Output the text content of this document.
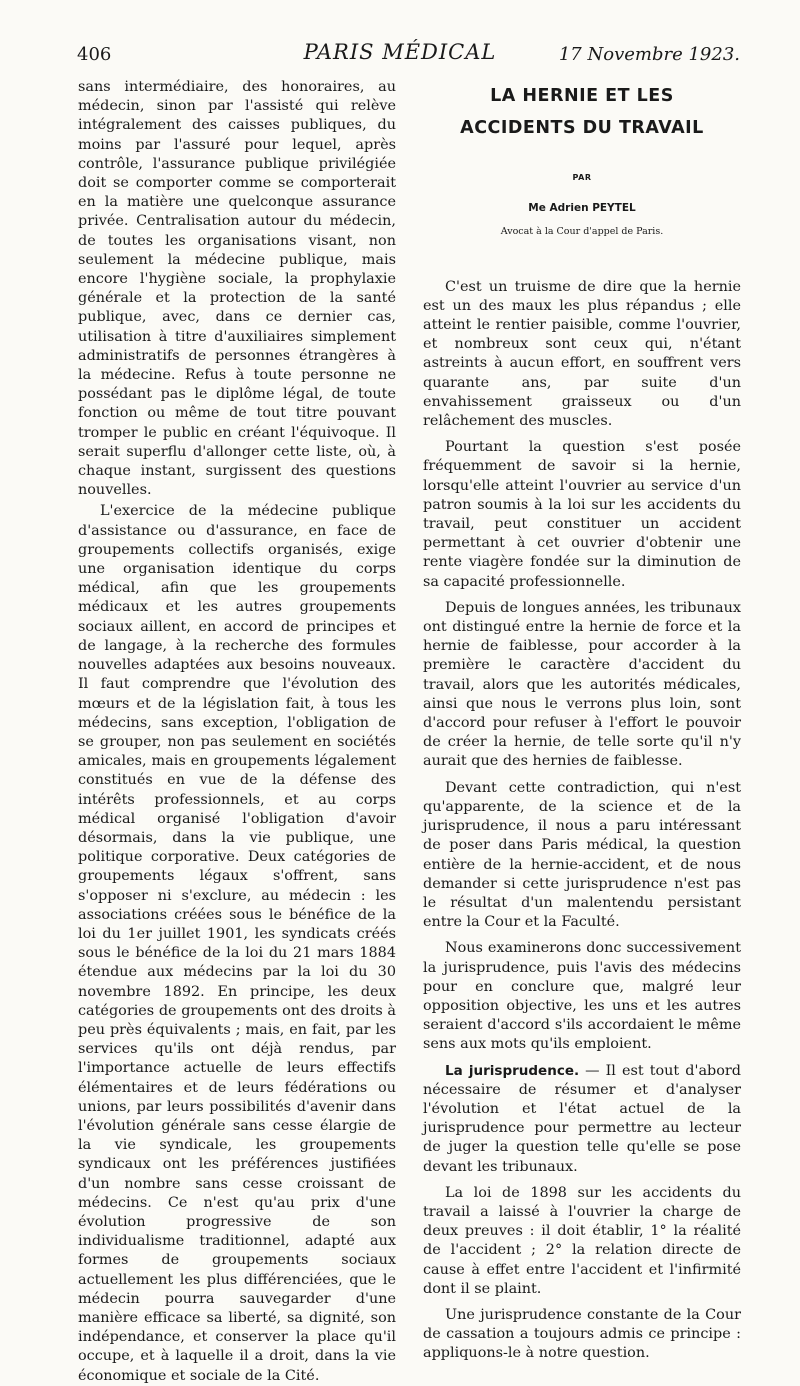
406	PARIS MÉDICAL	17 Novembre 1923.

sans intermédiaire, des honoraires, au médecin, sinon par l'assisté qui relève intégralement des caisses publiques, du moins par l'assuré pour lequel, après contrôle, l'assurance publique privilégiée doit se comporter comme se comporterait en la matière une quelconque assurance privée. Centralisation autour du médecin, de toutes les organisations visant, non seulement la médecine publique, mais encore l'hygiène sociale, la prophylaxie générale et la protection de la santé publique, avec, dans ce dernier cas, utilisation à titre d'auxiliaires simplement administratifs de personnes étrangères à la médecine. Refus à toute personne ne possédant pas le diplôme légal, de toute fonction ou même de tout titre pouvant tromper le public en créant l'équivoque. Il serait superflu d'allonger cette liste, où, à chaque instant, surgissent des questions nouvelles.

L'exercice de la médecine publique d'assistance ou d'assurance, en face de groupements collectifs organisés, exige une organisation identique du corps médical, afin que les groupements médicaux et les autres groupements sociaux aillent, en accord de principes et de langage, à la recherche des formules nouvelles adaptées aux besoins nouveaux. Il faut comprendre que l'évolution des mœurs et de la législation fait, à tous les médecins, sans exception, l'obligation de se grouper, non pas seulement en sociétés amicales, mais en groupements légalement constitués en vue de la défense des intérêts professionnels, et au corps médical organisé l'obligation d'avoir désormais, dans la vie publique, une politique corporative. Deux catégories de groupements légaux s'offrent, sans s'opposer ni s'exclure, au médecin : les associations créées sous le bénéfice de la loi du 1er juillet 1901, les syndicats créés sous le bénéfice de la loi du 21 mars 1884 étendue aux médecins par la loi du 30 novembre 1892. En principe, les deux catégories de groupements ont des droits à peu près équivalents ; mais, en fait, par les services qu'ils ont déjà rendus, par l'importance actuelle de leurs effectifs élémentaires et de leurs fédérations ou unions, par leurs possibilités d'avenir dans l'évolution générale sans cesse élargie de la vie syndicale, les groupements syndicaux ont les préférences justifiées d'un nombre sans cesse croissant de médecins. Ce n'est qu'au prix d'une évolution progressive de son individualisme traditionnel, adapté aux formes de groupements sociaux actuellement les plus différenciées, que le médecin pourra sauvegarder d'une manière efficace sa liberté, sa dignité, son indépendance, et conserver la place qu'il occupe, et à laquelle il a droit, dans la vie économique et sociale de la Cité.

LA HERNIE ET LES
ACCIDENTS DU TRAVAIL
PAR
Me Adrien PEYTEL
Avocat à la Cour d'appel de Paris.

C'est un truisme de dire que la hernie est un des maux les plus répandus ; elle atteint le rentier paisible, comme l'ouvrier, et nombreux sont ceux qui, n'étant astreints à aucun effort, en souffrent vers quarante ans, par suite d'un envahissement graisseux ou d'un relâchement des muscles.

Pourtant la question s'est posée fréquemment de savoir si la hernie, lorsqu'elle atteint l'ouvrier au service d'un patron soumis à la loi sur les accidents du travail, peut constituer un accident permettant à cet ouvrier d'obtenir une rente viagère fondée sur la diminution de sa capacité professionnelle.

Depuis de longues années, les tribunaux ont distingué entre la hernie de force et la hernie de faiblesse, pour accorder à la première le caractère d'accident du travail, alors que les autorités médicales, ainsi que nous le verrons plus loin, sont d'accord pour refuser à l'effort le pouvoir de créer la hernie, de telle sorte qu'il n'y aurait que des hernies de faiblesse.

Devant cette contradiction, qui n'est qu'apparente, de la science et de la jurisprudence, il nous a paru intéressant de poser dans Paris médical, la question entière de la hernie-accident, et de nous demander si cette jurisprudence n'est pas le résultat d'un malentendu persistant entre la Cour et la Faculté.

Nous examinerons donc successivement la jurisprudence, puis l'avis des médecins pour en conclure que, malgré leur opposition objective, les uns et les autres seraient d'accord s'ils accordaient le même sens aux mots qu'ils emploient.

La jurisprudence. — Il est tout d'abord nécessaire de résumer et d'analyser l'évolution et l'état actuel de la jurisprudence pour permettre au lecteur de juger la question telle qu'elle se pose devant les tribunaux.

La loi de 1898 sur les accidents du travail a laissé à l'ouvrier la charge de deux preuves : il doit établir, 1° la réalité de l'accident ; 2° la relation directe de cause à effet entre l'accident et l'infirmité dont il se plaint.

Une jurisprudence constante de la Cour de cassation a toujours admis ce principe : appliquons-le à notre question.
